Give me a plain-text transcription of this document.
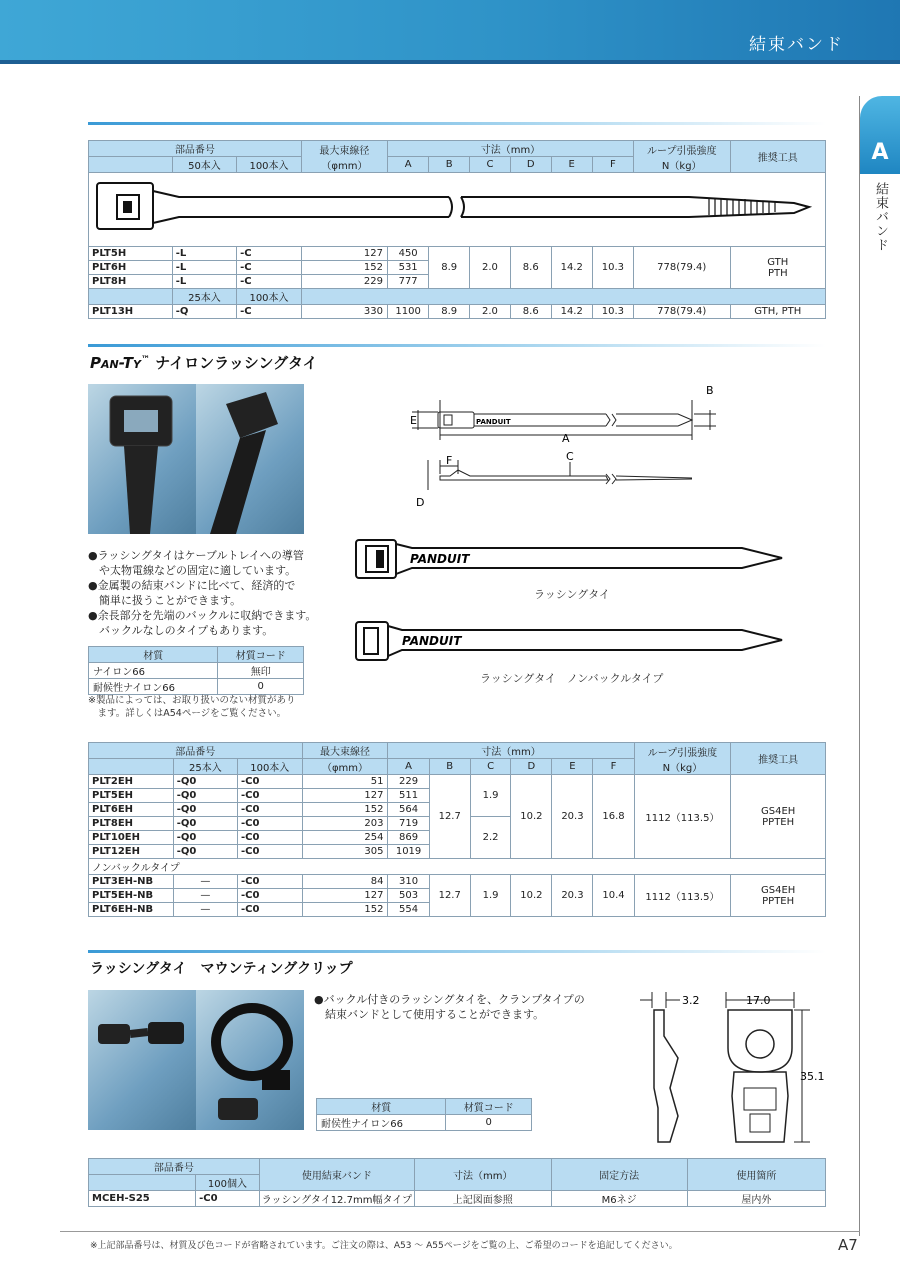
結束バンド
A
結束バンド
部品番号			最大束線径
（φmm）	寸法（mm）						ループ引張強度
N（kg）	推奨工具
	50本入	100本入		A	B	C	D	E	F		

PLT5H	-L	-C	127	450	8.9	2.0	8.6	14.2	10.3	778(79.4)	GTH
PTH
PLT6H	-L	-C	152	531							
PLT8H	-L	-C	229	777							
	25本入	100本入									
PLT13H	-Q	-C	330	1100	8.9	2.0	8.6	14.2	10.3	778(79.4)	GTH, PTH
Pan-Ty™ ナイロンラッシングタイ
●ラッシングタイはケーブルトレイへの導管
　や太物電線などの固定に適しています。
●金属製の結束バンドに比べて、経済的で
　簡単に扱うことができます。
●余長部分を先端のバックルに収納できます。
　バックルなしのタイプもあります。
材質	材質コード
ナイロン66	無印
耐候性ナイロン66	0
※製品によっては、お取り扱いのない材質があり
　ます。詳しくはA54ページをご覧ください。
B
E
A
C
F
D
PANDUIT
PANDUIT
ラッシングタイ
PANDUIT
ラッシングタイ　ノンバックルタイプ
部品番号			最大束線径	寸法（mm）						ループ引張強度
N（kg）	推奨工具
	25本入	100本入	（φmm）	A	B	C	D	E	F		
PLT2EH	-Q0	-C0	51	229	12.7	1.9	10.2	20.3	16.8	1112（113.5）	GS4EH
PPTEH
PLT5EH	-Q0	-C0	127	511							
PLT6EH	-Q0	-C0	152	564							
PLT8EH	-Q0	-C0	203	719		2.2					
PLT10EH	-Q0	-C0	254	869							
PLT12EH	-Q0	-C0	305	1019							
ノンバックルタイプ											
PLT3EH-NB	—	-C0	84	310	12.7	1.9	10.2	20.3	10.4	1112（113.5）	GS4EH
PPTEH
PLT5EH-NB	—	-C0	127	503							
PLT6EH-NB	—	-C0	152	554							
ラッシングタイ　マウンティングクリップ
●バックル付きのラッシングタイを、クランプタイプの
　結束バンドとして使用することができます。
材質	材質コード
耐侯性ナイロン66	0
3.2	17.0
35.1
部品番号		使用結束バンド	寸法（mm）	固定方法	使用箇所
	100個入				
MCEH-S25	-C0	ラッシングタイ12.7mm幅タイプ	上記図面参照	M6ネジ	屋内外
※上記部品番号は、材質及び色コードが省略されています。ご注文の際は、A53 ～ A55ページをご覧の上、ご希望のコードを追記してください。	A7
